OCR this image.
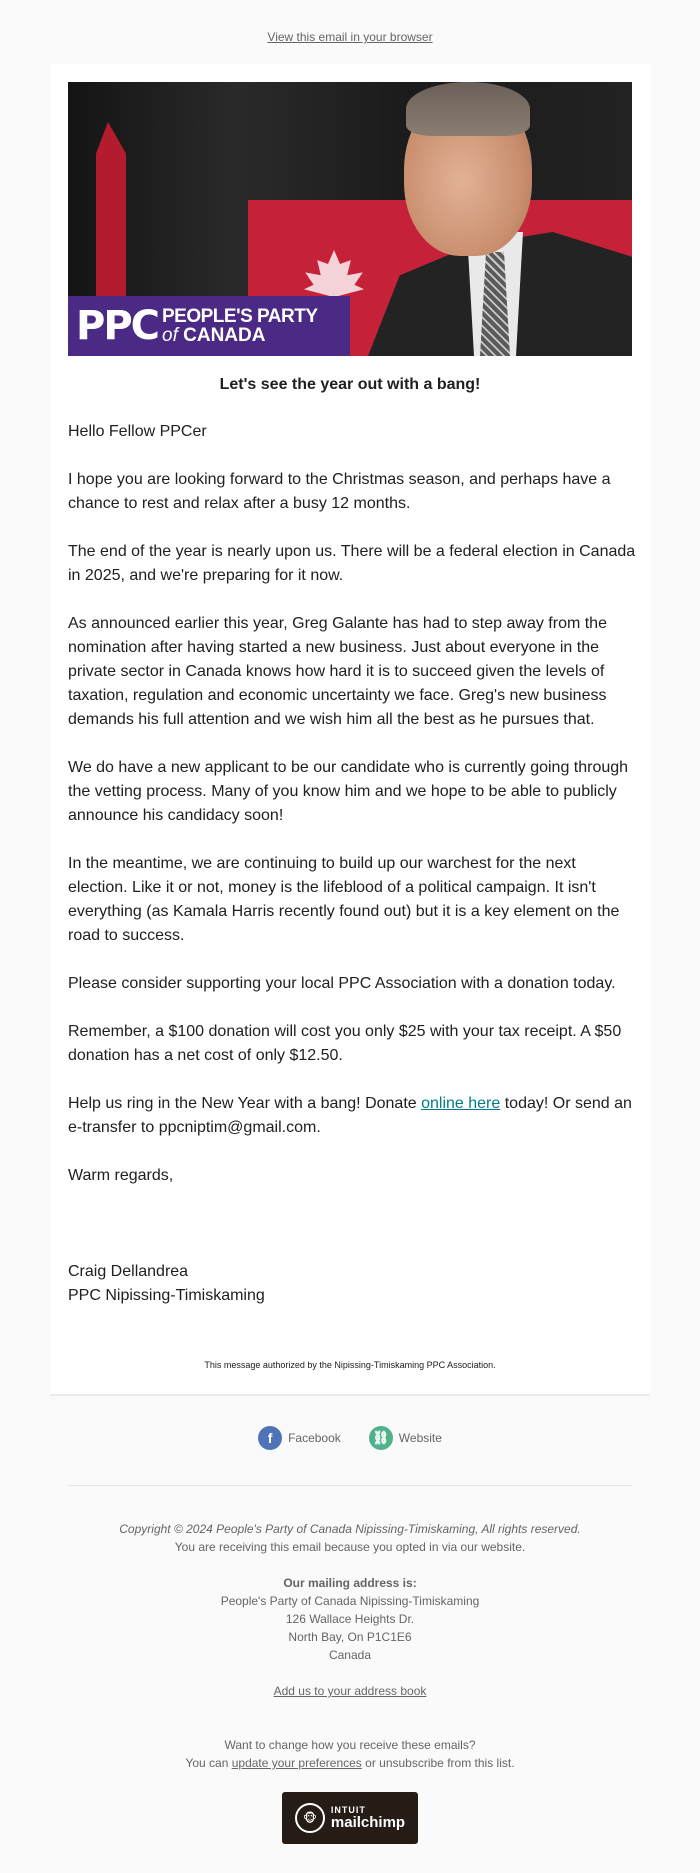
View this email in your browser
PPC PEOPLE'S PARTY
of CANADA
Let's see the year out with a bang!

Hello Fellow PPCer

I hope you are looking forward to the Christmas season, and perhaps have a chance to rest and relax after a busy 12 months.

The end of the year is nearly upon us. There will be a federal election in Canada in 2025, and we're preparing for it now.

As announced earlier this year, Greg Galante has had to step away from the nomination after having started a new business. Just about everyone in the private sector in Canada knows how hard it is to succeed given the levels of taxation, regulation and economic uncertainty we face. Greg's new business demands his full attention and we wish him all the best as he pursues that.

We do have a new applicant to be our candidate who is currently going through the vetting process. Many of you know him and we hope to be able to publicly announce his candidacy soon!

In the meantime, we are continuing to build up our warchest for the next election. Like it or not, money is the lifeblood of a political campaign. It isn't everything (as Kamala Harris recently found out) but it is a key element on the road to success.

Please consider supporting your local PPC Association with a donation today.

Remember, a $100 donation will cost you only $25 with your tax receipt. A $50 donation has a net cost of only $12.50.

Help us ring in the New Year with a bang! Donate online here today! Or send an e-transfer to ppcniptim@gmail.com.

Warm regards,

Craig Dellandrea
PPC Nipissing-Timiskaming

This message authorized by the Nipissing-Timiskaming PPC Association.
f	Facebook ⛓ Website

Copyright © 2024 People's Party of Canada Nipissing-Timiskaming, All rights reserved.

You are receiving this email because you opted in via our website.

Our mailing address is:

People's Party of Canada Nipissing-Timiskaming

126 Wallace Heights Dr.

North Bay, On P1C1E6

Canada

Add us to your address book

Want to change how you receive these emails?

You can update your preferences or unsubscribe from this list.

🐵
INTUIT
mailchimp
